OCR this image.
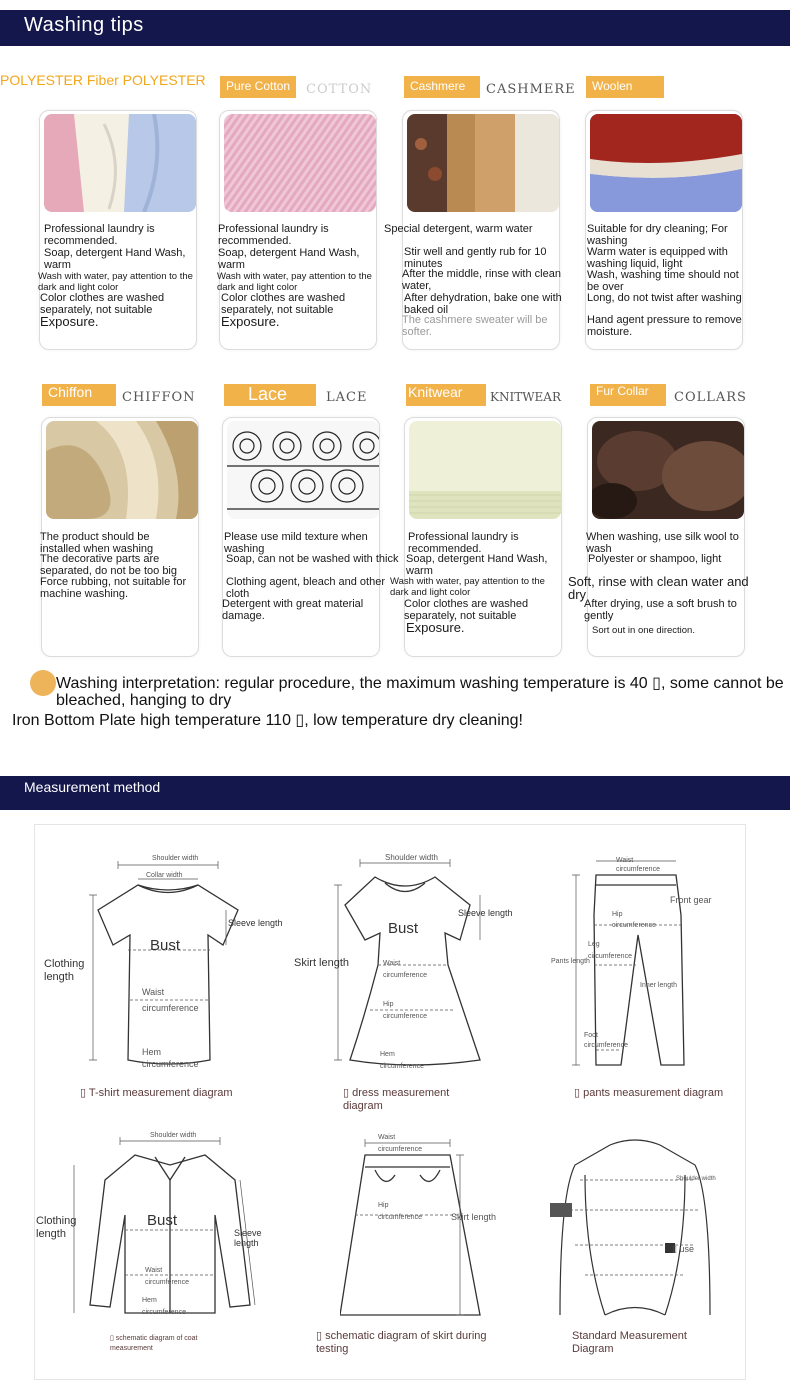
Washing tips
POLYESTER Fiber POLYESTER	Pure Cotton	COTTON	Cashmere	CASHMERE	Woolen
Professional laundry is recommended.
Soap, detergent Hand Wash, warm
Wash with water, pay attention to the dark and light color
Color clothes are washed separately, not suitable
Exposure.
Professional laundry is recommended.
Soap, detergent Hand Wash, warm
Wash with water, pay attention to the dark and light color
Color clothes are washed separately, not suitable
Exposure.
Special detergent, warm water
Stir well and gently rub for 10 minutes
After the middle, rinse with clean water,
After dehydration, bake one with baked oil
The cashmere sweater will be softer.
Suitable for dry cleaning; For washing
Warm water is equipped with washing liquid, light
Wash, washing time should not be over
Long, do not twist after washing
Hand agent pressure to remove moisture.
Chiffon	CHIFFON	Lace	LACE	Knitwear	KNITWEAR	Fur Collar	COLLARS
The product should be installed when washing
The decorative parts are separated, do not be too big
Force rubbing, not suitable for machine washing.
Please use mild texture when washing
Soap, can not be washed with thick
Clothing agent, bleach and other cloth
Detergent with great material damage.
Professional laundry is recommended.
Soap, detergent Hand Wash, warm
Wash with water, pay attention to the dark and light color
Color clothes are washed separately, not suitable
Exposure.
When washing, use silk wool to wash
Polyester or shampoo, light
Soft, rinse with clean water and dry
After drying, use a soft brush to gently
Sort out in one direction.
Washing interpretation: regular procedure, the maximum washing temperature is 40 ▯, some cannot be bleached, hanging to dry
Iron Bottom Plate high temperature 110 ▯, low temperature dry cleaning!
Measurement method
Shoulder width
Collar width
Sleeve length
Clothing length
Bust
Waist
circumference
Hem
circumference
▯ T-shirt measurement diagram
Shoulder width
Sleeve length
Skirt length
Bust
Waist
circumference
Hip
circumference
Hem
circumference
▯ dress measurement diagram
Waist
circumference
Front gear
Hip
circumference
Leg
circumference
Pants length
Inner length
Foot
circumference
▯ pants measurement diagram
Shoulder width
Clothing length
Bust
Sleeve length
Waist
circumference
Hem
circumference
▯ schematic diagram of coat measurement
Waist
circumference
Hip
circumference	Skirt length
▯ schematic diagram of skirt during testing
Shoulder width
▯ use
Standard Measurement Diagram
